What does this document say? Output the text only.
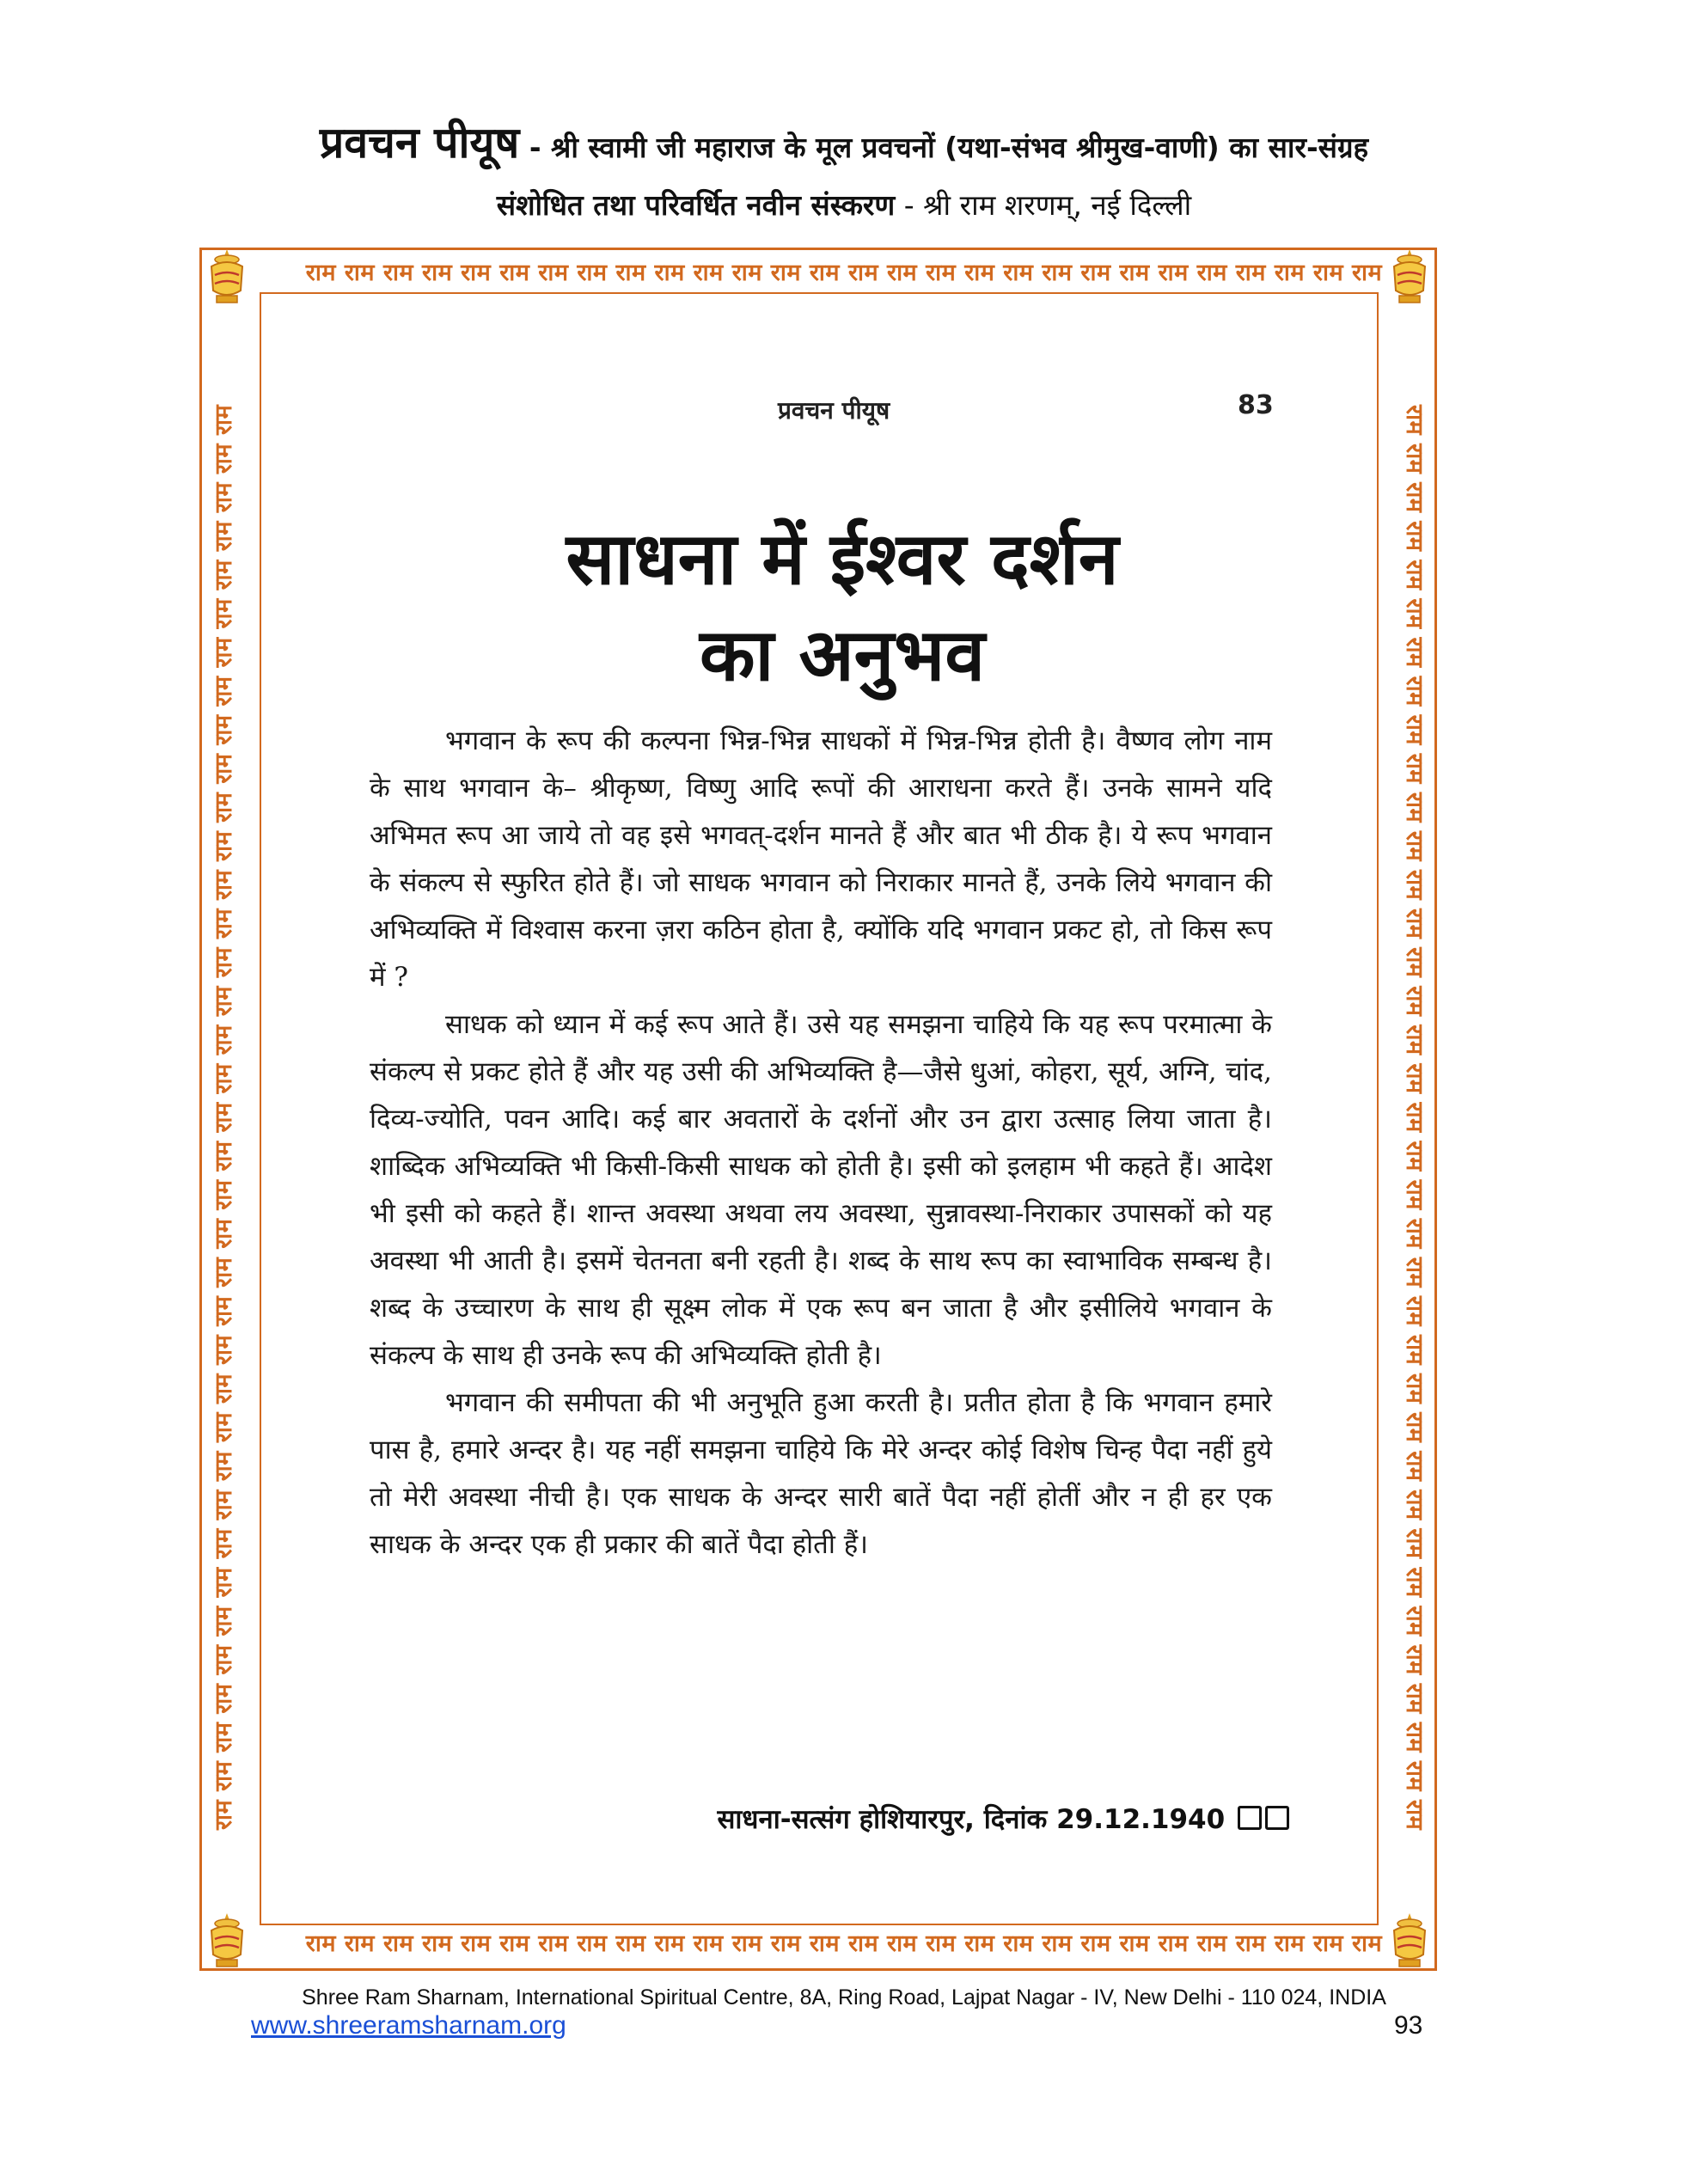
प्रवचन पीयूष - श्री स्वामी जी महाराज के मूल प्रवचनों (यथा-संभव श्रीमुख-वाणी) का सार-संग्रह
संशोधित तथा परिवर्धित नवीन संस्करण - श्री राम शरणम्, नई दिल्ली
राम राम राम राम राम राम राम राम राम राम राम राम राम राम राम राम राम राम राम राम राम राम राम राम राम राम राम राम
राम राम राम राम राम राम राम राम राम राम राम राम राम राम राम राम राम राम राम राम राम राम राम राम राम राम राम राम
राम राम राम राम राम राम राम राम राम राम राम राम राम राम राम राम राम राम राम राम राम राम राम राम राम राम राम राम राम राम राम राम राम राम राम राम राम	राम राम राम राम राम राम राम राम राम राम राम राम राम राम राम राम राम राम राम राम राम राम राम राम राम राम राम राम राम राम राम राम राम राम राम राम राम
प्रवचन पीयूष	83
साधना में ईश्वर दर्शन
का अनुभव

भगवान के रूप की कल्पना भिन्न-भिन्न साधकों में भिन्न-भिन्न होती है। वैष्णव लोग नाम के साथ भगवान के– श्रीकृष्ण, विष्णु आदि रूपों की आराधना करते हैं। उनके सामने यदि अभिमत रूप आ जाये तो वह इसे भगवत्-दर्शन मानते हैं और बात भी ठीक है। ये रूप भगवान के संकल्प से स्फुरित होते हैं। जो साधक भगवान को निराकार मानते हैं, उनके लिये भगवान की अभिव्यक्ति में विश्वास करना ज़रा कठिन होता है, क्योंकि यदि भगवान प्रकट हो, तो किस रूप में ?

साधक को ध्यान में कई रूप आते हैं। उसे यह समझना चाहिये कि यह रूप परमात्मा के संकल्प से प्रकट होते हैं और यह उसी की अभिव्यक्ति है—जैसे धुआं, कोहरा, सूर्य, अग्नि, चांद, दिव्य-ज्योति, पवन आदि। कई बार अवतारों के दर्शनों और उन द्वारा उत्साह लिया जाता है। शाब्दिक अभिव्यक्ति भी किसी-किसी साधक को होती है। इसी को इलहाम भी कहते हैं। आदेश भी इसी को कहते हैं। शान्त अवस्था अथवा लय अवस्था, सुन्नावस्था-निराकार उपासकों को यह अवस्था भी आती है। इसमें चेतनता बनी रहती है। शब्द के साथ रूप का स्वाभाविक सम्बन्ध है। शब्द के उच्चारण के साथ ही सूक्ष्म लोक में एक रूप बन जाता है और इसीलिये भगवान के संकल्प के साथ ही उनके रूप की अभिव्यक्ति होती है।

भगवान की समीपता की भी अनुभूति हुआ करती है। प्रतीत होता है कि भगवान हमारे पास है, हमारे अन्दर है। यह नहीं समझना चाहिये कि मेरे अन्दर कोई विशेष चिन्ह पैदा नहीं हुये तो मेरी अवस्था नीची है। एक साधक के अन्दर सारी बातें पैदा नहीं होतीं और न ही हर एक साधक के अन्दर एक ही प्रकार की बातें पैदा होती हैं।

साधना-सत्संग होशियारपुर, दिनांक 29.12.1940
Shree Ram Sharnam, International Spiritual Centre, 8A, Ring Road, Lajpat Nagar - IV, New Delhi - 110 024, INDIA
www.shreeramsharnam.org	93
